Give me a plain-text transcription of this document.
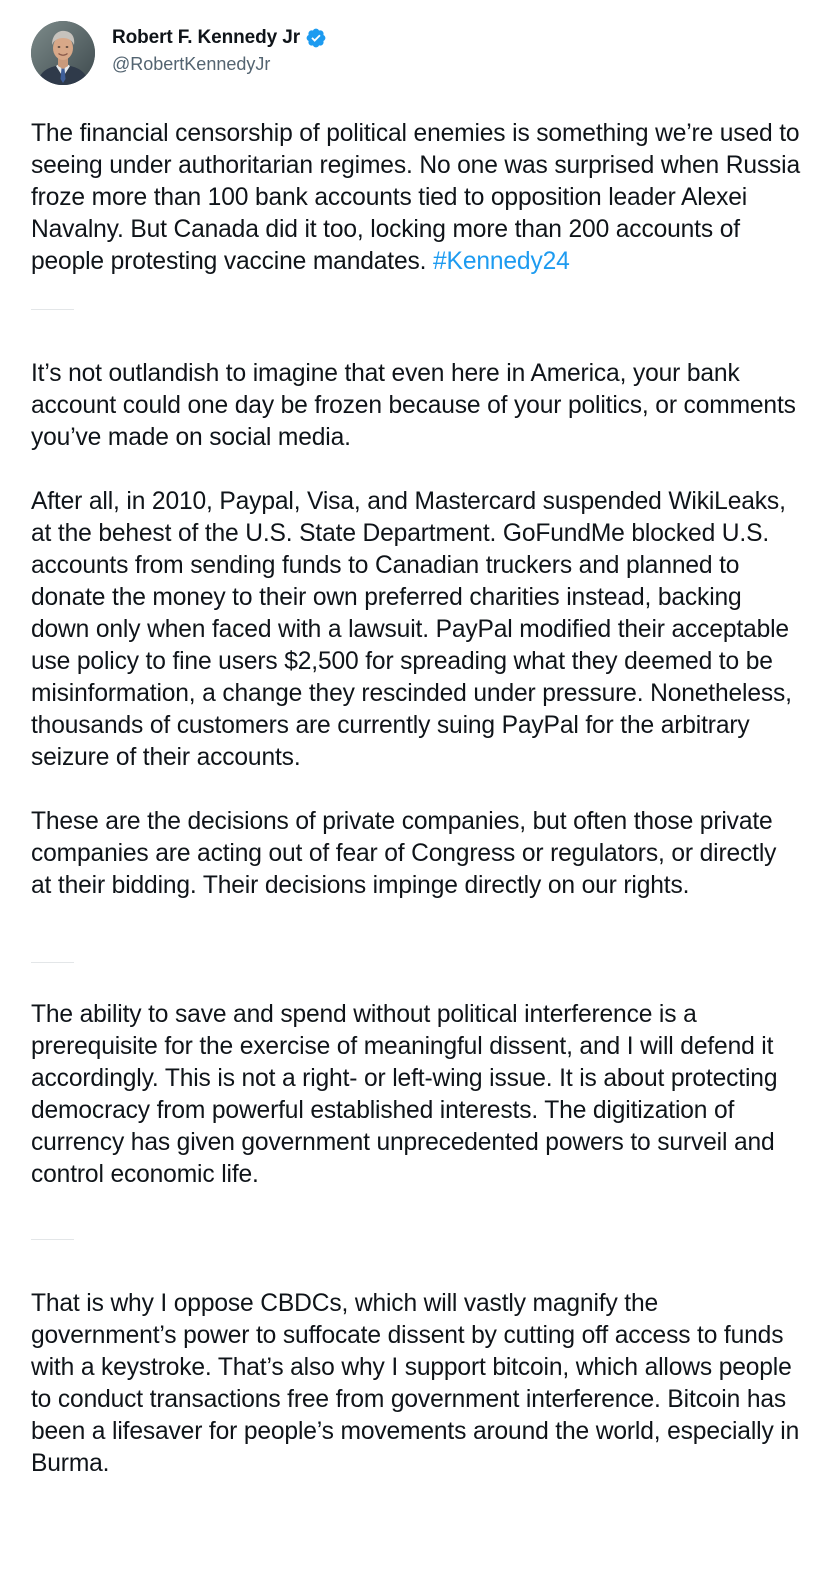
Robert F. Kennedy Jr
@RobertKennedyJr

The financial censorship of political enemies is something we’re used to seeing under authoritarian regimes. No one was surprised when Russia froze more than 100 bank accounts tied to opposition leader Alexei Navalny. But Canada did it too, locking more than 200 accounts of people protesting vaccine mandates. #Kennedy24

It’s not outlandish to imagine that even here in America, your bank account could one day be frozen because of your politics, or comments you’ve made on social media.

After all, in 2010, Paypal, Visa, and Mastercard suspended WikiLeaks, at the behest of the U.S. State Department. GoFundMe blocked U.S. accounts from sending funds to Canadian truckers and planned to donate the money to their own preferred charities instead, backing down only when faced with a lawsuit. PayPal modified their acceptable use policy to fine users $2,500 for spreading what they deemed to be misinformation, a change they rescinded under pressure. Nonetheless, thousands of customers are currently suing PayPal for the arbitrary seizure of their accounts.

These are the decisions of private companies, but often those private companies are acting out of fear of Congress or regulators, or directly at their bidding. Their decisions impinge directly on our rights.

The ability to save and spend without political interference is a prerequisite for the exercise of meaningful dissent, and I will defend it accordingly. This is not a right- or left-wing issue. It is about protecting democracy from powerful established interests. The digitization of currency has given government unprecedented powers to surveil and control economic life.

That is why I oppose CBDCs, which will vastly magnify the government’s power to suffocate dissent by cutting off access to funds with a keystroke. That’s also why I support bitcoin, which allows people to conduct transactions free from government interference. Bitcoin has been a lifesaver for people’s movements around the world, especially in Burma.
